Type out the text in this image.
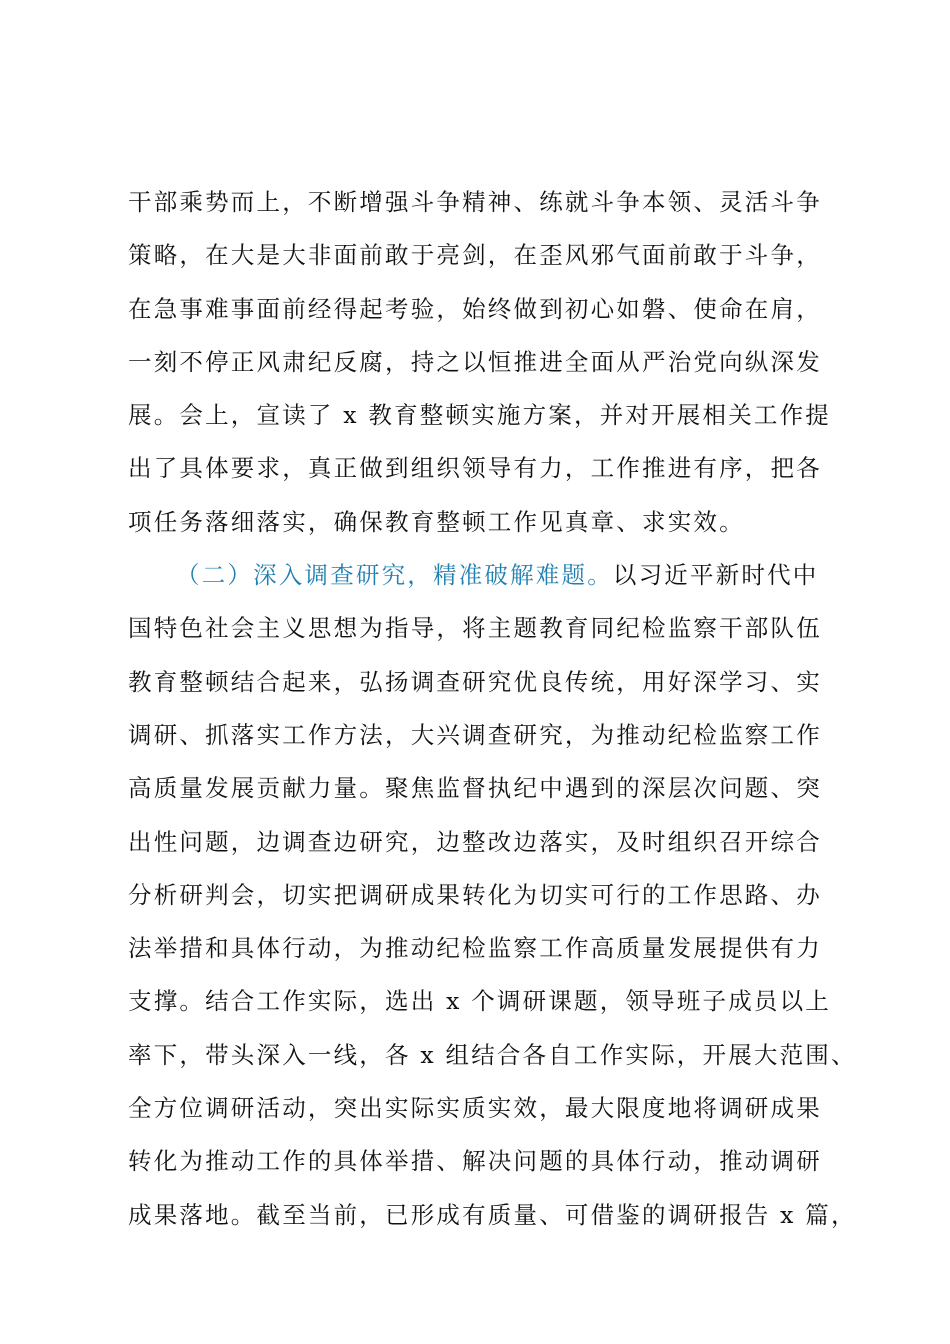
干部乘势而上，不断增强斗争精神、练就斗争本领、灵活斗争
策略，在大是大非面前敢于亮剑，在歪风邪气面前敢于斗争，
在急事难事面前经得起考验，始终做到初心如磐、使命在肩，
一刻不停正风肃纪反腐，持之以恒推进全面从严治党向纵深发
展。会上，宣读了 x 教育整顿实施方案，并对开展相关工作提
出了具体要求，真正做到组织领导有力，工作推进有序，把各
项任务落细落实，确保教育整顿工作见真章、求实效。
（二）深入调查研究，精准破解难题。以习近平新时代中
国特色社会主义思想为指导，将主题教育同纪检监察干部队伍
教育整顿结合起来，弘扬调查研究优良传统，用好深学习、实
调研、抓落实工作方法，大兴调查研究，为推动纪检监察工作
高质量发展贡献力量。聚焦监督执纪中遇到的深层次问题、突
出性问题，边调查边研究，边整改边落实，及时组织召开综合
分析研判会，切实把调研成果转化为切实可行的工作思路、办
法举措和具体行动，为推动纪检监察工作高质量发展提供有力
支撑。结合工作实际，选出 x 个调研课题，领导班子成员以上
率下，带头深入一线，各 x 组结合各自工作实际，开展大范围、
全方位调研活动，突出实际实质实效，最大限度地将调研成果
转化为推动工作的具体举措、解决问题的具体行动，推动调研
成果落地。截至当前，已形成有质量、可借鉴的调研报告 x 篇，
